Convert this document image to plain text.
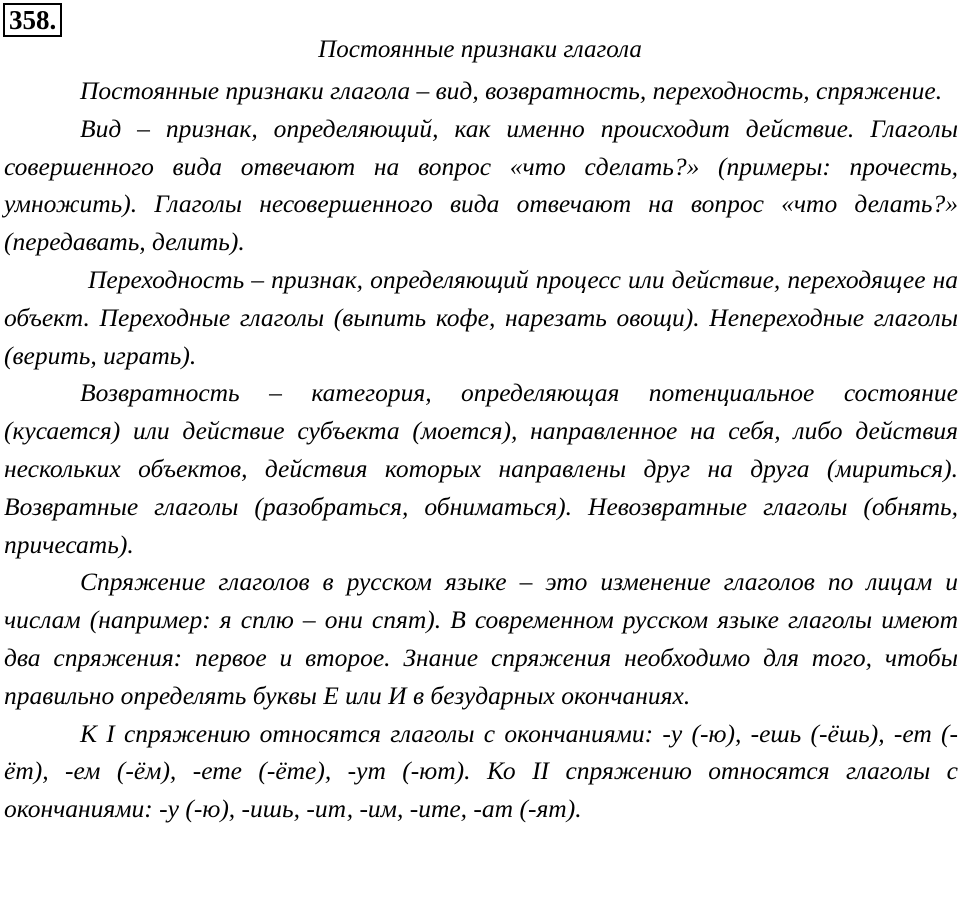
358.
Постоянные признаки глагола

Постоянные признаки глагола – вид, возвратность, переходность, спряжение.

Вид – признак, определяющий, как именно происходит действие. Глаголы совершенного вида отвечают на вопрос «что сделать?» (примеры: прочесть, умножить). Глаголы несовершенного вида отвечают на вопрос «что делать?» (передавать, делить).

Переходность – признак, определяющий процесс или действие, переходящее на объект. Переходные глаголы (выпить кофе, нарезать овощи). Непереходные глаголы (верить, играть).

Возвратность – категория, определяющая потенциальное состояние (кусается) или действие субъекта (моется), направленное на себя, либо действия нескольких объектов, действия которых направлены друг на друга (мириться). Возвратные глаголы (разобраться, обниматься). Невозвратные глаголы (обнять, причесать).

Спряжение глаголов в русском языке – это изменение глаголов по лицам и числам (например: я сплю – они спят). В современном русском языке глаголы имеют два спряжения: первое и второе. Знание спряжения необходимо для того, чтобы правильно определять буквы Е или И в безударных окончаниях.

К I спряжению относятся глаголы с окончаниями: -у (-ю), -ешь (-ёшь), -ет (-ёт), -ем (-ём), -ете (-ёте), -ут (-ют). Ко II спряжению относятся глаголы с окончаниями: -у (-ю), -ишь, -ит, -им, -ите, -ат (-ят).
